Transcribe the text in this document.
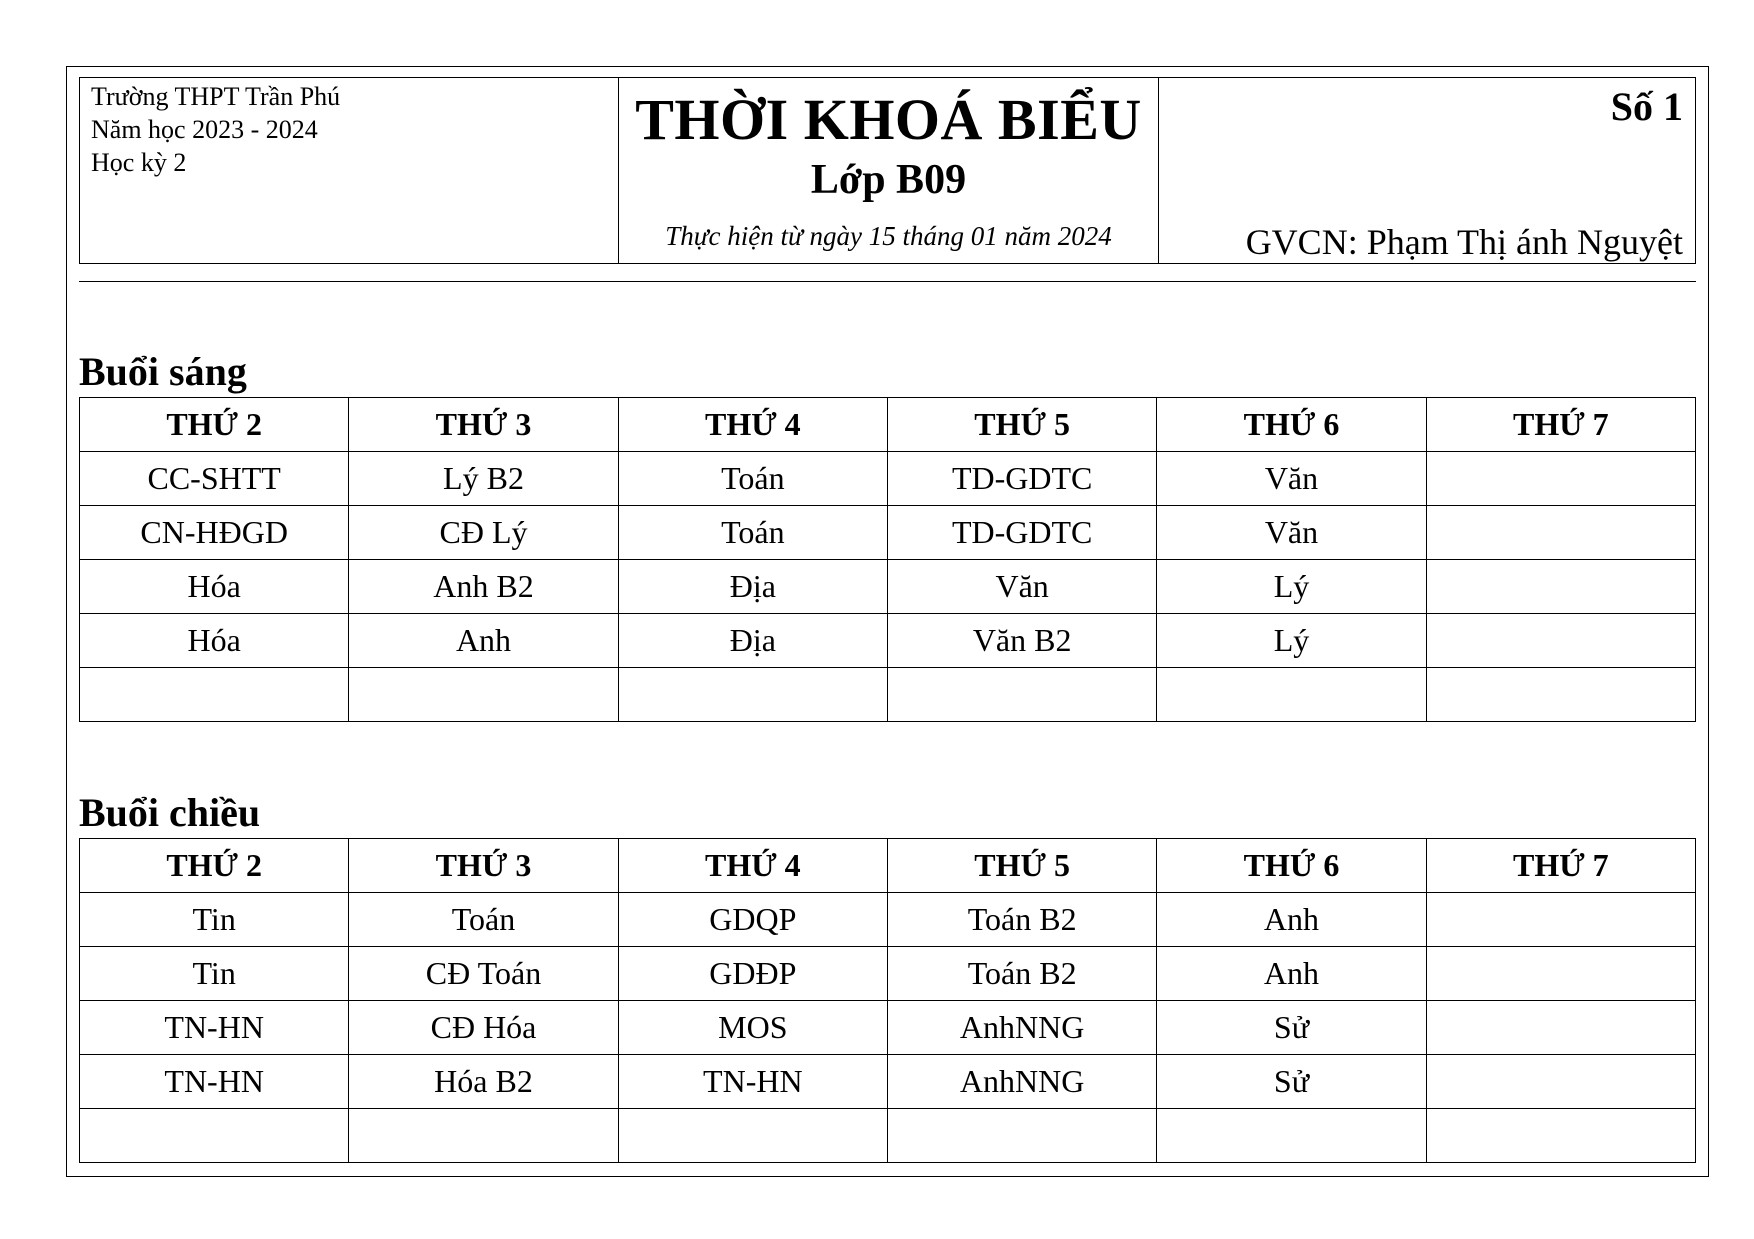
Trường THPT Trần Phú
Năm học 2023 - 2024
Học kỳ 2
THỜI KHOÁ BIỂU
Lớp B09
Thực hiện từ ngày 15 tháng 01 năm 2024
Số 1
GVCN: Phạm Thị ánh Nguyệt
Buổi sáng
THỨ 2	THỨ 3	THỨ 4	THỨ 5	THỨ 6	THỨ 7
CC-SHTT	Lý B2	Toán	TD-GDTC	Văn	
CN-HĐGD	CĐ Lý	Toán	TD-GDTC	Văn	
Hóa	Anh B2	Địa	Văn	Lý	
Hóa	Anh	Địa	Văn B2	Lý	

Buổi chiều
THỨ 2	THỨ 3	THỨ 4	THỨ 5	THỨ 6	THỨ 7
Tin	Toán	GDQP	Toán B2	Anh	
Tin	CĐ Toán	GDĐP	Toán B2	Anh	
TN-HN	CĐ Hóa	MOS	AnhNNG	Sử	
TN-HN	Hóa B2	TN-HN	AnhNNG	Sử	
